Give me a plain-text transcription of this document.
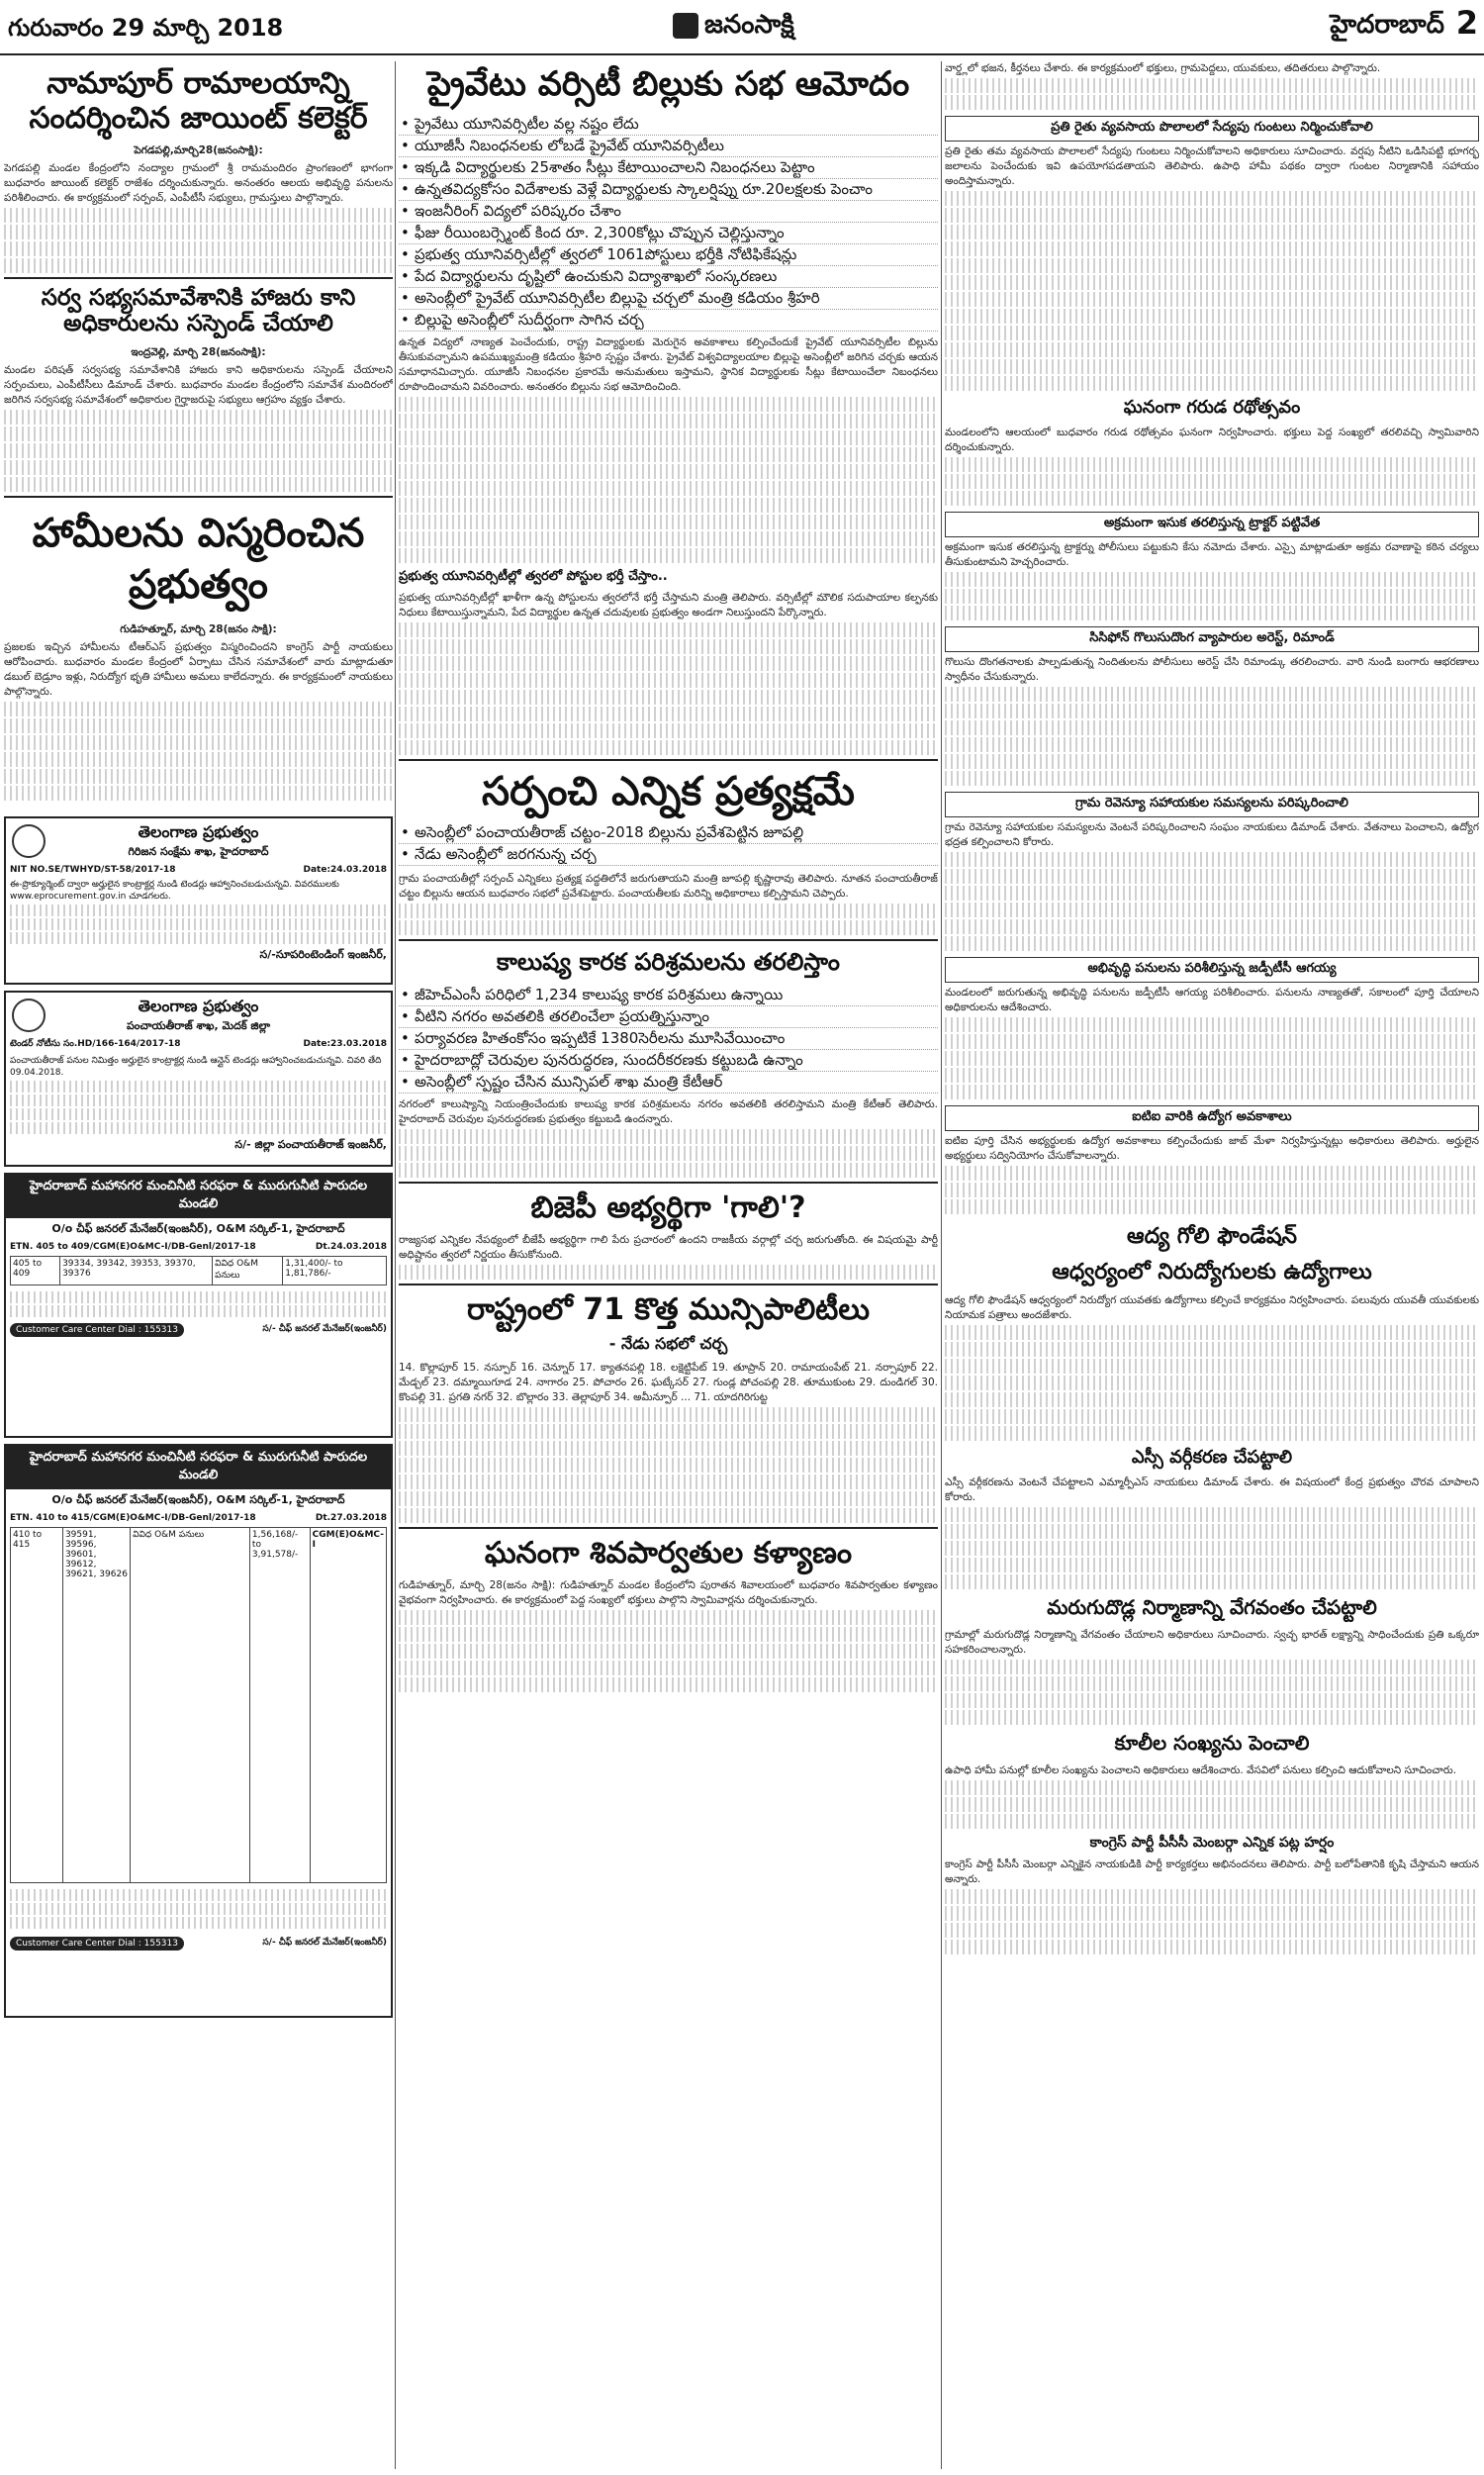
గురువారం 29 మార్చి 2018	జనంసాక్షి	హైదరాబాద్ 2
నామాపూర్ రామాలయాన్ని సందర్శించిన జాయింట్ కలెక్టర్
పెగడపల్లి,మార్చి28(జనంసాక్షి):
పెగడపల్లి మండల కేంద్రంలోని నంద్యాల గ్రామంలో శ్రీ రామమందిరం ప్రాంగణంలో భాగంగా బుధవారం జాయింట్ కలెక్టర్ రాజేశం దర్శించుకున్నారు. అనంతరం ఆలయ అభివృద్ధి పనులను పరిశీలించారు. ఈ కార్యక్రమంలో సర్పంచ్, ఎంపీటీసీ సభ్యులు, గ్రామస్తులు పాల్గొన్నారు.
సర్వ సభ్యసమావేశానికి హాజరు కాని అధికారులను సస్పెండ్ చేయాలి
ఇంద్రవెల్లి, మార్చి 28(జనంసాక్షి):
మండల పరిషత్ సర్వసభ్య సమావేశానికి హాజరు కాని అధికారులను సస్పెండ్ చేయాలని సర్పంచులు, ఎంపీటీసీలు డిమాండ్ చేశారు. బుధవారం మండల కేంద్రంలోని సమావేశ మందిరంలో జరిగిన సర్వసభ్య సమావేశంలో అధికారుల గైర్హాజరుపై సభ్యులు ఆగ్రహం వ్యక్తం చేశారు.
హామీలను విస్మరించిన ప్రభుత్వం
గుడిహత్నూర్, మార్చి 28(జనం సాక్షి):
ప్రజలకు ఇచ్చిన హామీలను టీఆర్ఎస్ ప్రభుత్వం విస్మరించిందని కాంగ్రెస్ పార్టీ నాయకులు ఆరోపించారు. బుధవారం మండల కేంద్రంలో ఏర్పాటు చేసిన సమావేశంలో వారు మాట్లాడుతూ డబుల్ బెడ్రూం ఇళ్లు, నిరుద్యోగ భృతి హామీలు అమలు కాలేదన్నారు. ఈ కార్యక్రమంలో నాయకులు పాల్గొన్నారు.
తెలంగాణ ప్రభుత్వం
గిరిజన సంక్షేమ శాఖ, హైదరాబాద్
NIT NO.SE/TWHYD/ST-58/2017-18	Date:24.03.2018
ఈ-ప్రొక్యూర్మెంట్ ద్వారా అర్హులైన కాంట్రాక్టర్ల నుండి టెండర్లు ఆహ్వానించబడుచున్నవి. వివరములకు www.eprocurement.gov.in చూడగలరు.
స/-సూపరింటెండింగ్ ఇంజనీర్,
తెలంగాణ ప్రభుత్వం
పంచాయతీరాజ్ శాఖ, మెదక్ జిల్లా
టెండర్ నోటీసు సం.HD/166-164/2017-18	Date:23.03.2018
పంచాయతీరాజ్ పనుల నిమిత్తం అర్హులైన కాంట్రాక్టర్ల నుండి ఆన్లైన్ టెండర్లు ఆహ్వానించబడుచున్నవి. చివరి తేది 09.04.2018.
స/- జిల్లా పంచాయతీరాజ్ ఇంజనీర్,
హైదరాబాద్ మహానగర మంచినీటి సరఫరా & మురుగునీటి పారుదల మండలి
O/o చీఫ్ జనరల్ మేనేజర్(ఇంజనీర్), O&M సర్కిల్-1, హైదరాబాద్
ETN. 405 to 409/CGM(E)O&MC-I/DB-Genl/2017-18	Dt.24.03.2018
405 to 409	39334, 39342, 39353, 39370, 39376	వివిధ O&M పనులు	1,31,400/- to 1,81,786/-
Customer Care Center Dial : 155313	స/- చీఫ్ జనరల్ మేనేజర్(ఇంజనీర్)
హైదరాబాద్ మహానగర మంచినీటి సరఫరా & మురుగునీటి పారుదల మండలి
O/o చీఫ్ జనరల్ మేనేజర్(ఇంజనీర్), O&M సర్కిల్-1, హైదరాబాద్
ETN. 410 to 415/CGM(E)O&MC-I/DB-Genl/2017-18	Dt.27.03.2018
410 to 415	39591, 39596, 39601, 39612, 39621, 39626	వివిధ O&M పనులు	1,56,168/- to 3,91,578/-	CGM(E)O&MC-I
Customer Care Center Dial : 155313	స/- చీఫ్ జనరల్ మేనేజర్(ఇంజనీర్)
ప్రైవేటు వర్సిటీ బిల్లుకు సభ ఆమోదం
• ప్రైవేటు యూనివర్సిటీల వల్ల నష్టం లేదు
• యూజీసీ నిబంధనలకు లోబడే ప్రైవేట్ యూనివర్సిటీలు
• ఇక్కడి విద్యార్థులకు 25శాతం సీట్లు కేటాయించాలని నిబంధనలు పెట్టాం
• ఉన్నతవిద్యకోసం విదేశాలకు వెళ్లే విద్యార్థులకు స్కాలర్షిప్ను రూ.20లక్షలకు పెంచాం
• ఇంజనీరింగ్ విద్యలో పరిష్కరం చేశాం
• ఫీజు రీయింబర్స్మెంట్ కింద రూ. 2,300కోట్లు చొప్పున చెల్లిస్తున్నాం
• ప్రభుత్వ యూనివర్సిటీల్లో త్వరలో 1061పోస్టులు భర్తీకి నోటిఫికేషన్లు
• పేద విద్యార్థులను దృష్టిలో ఉంచుకుని విద్యాశాఖలో సంస్కరణలు
• అసెంబ్లీలో ప్రైవేట్ యూనివర్సిటీల బిల్లుపై చర్చలో మంత్రి కడియం శ్రీహరి
• బిల్లుపై అసెంబ్లీలో సుదీర్ఘంగా సాగిన చర్చ
ఉన్నత విద్యలో నాణ్యత పెంచేందుకు, రాష్ట్ర విద్యార్థులకు మెరుగైన అవకాశాలు కల్పించేందుకే ప్రైవేట్ యూనివర్సిటీల బిల్లును తీసుకువచ్చామని ఉపముఖ్యమంత్రి కడియం శ్రీహరి స్పష్టం చేశారు. ప్రైవేట్ విశ్వవిద్యాలయాల బిల్లుపై అసెంబ్లీలో జరిగిన చర్చకు ఆయన సమాధానమిచ్చారు. యూజీసీ నిబంధనల ప్రకారమే అనుమతులు ఇస్తామని, స్థానిక విద్యార్థులకు సీట్లు కేటాయించేలా నిబంధనలు రూపొందించామని వివరించారు. అనంతరం బిల్లును సభ ఆమోదించింది.
ప్రభుత్వ యూనివర్సిటీల్లో త్వరలో పోస్టుల భర్తీ చేస్తాం..
ప్రభుత్వ యూనివర్సిటీల్లో ఖాళీగా ఉన్న పోస్టులను త్వరలోనే భర్తీ చేస్తామని మంత్రి తెలిపారు. వర్సిటీల్లో మౌలిక సదుపాయాల కల్పనకు నిధులు కేటాయిస్తున్నామని, పేద విద్యార్థుల ఉన్నత చదువులకు ప్రభుత్వం అండగా నిలుస్తుందని పేర్కొన్నారు.
సర్పంచి ఎన్నిక ప్రత్యక్షమే
• అసెంబ్లీలో పంచాయతీరాజ్ చట్టం-2018 బిల్లును ప్రవేశపెట్టిన జూపల్లి
• నేడు అసెంబ్లీలో జరగనున్న చర్చ
గ్రామ పంచాయతీల్లో సర్పంచ్ ఎన్నికలు ప్రత్యక్ష పద్ధతిలోనే జరుగుతాయని మంత్రి జూపల్లి కృష్ణారావు తెలిపారు. నూతన పంచాయతీరాజ్ చట్టం బిల్లును ఆయన బుధవారం సభలో ప్రవేశపెట్టారు. పంచాయతీలకు మరిన్ని అధికారాలు కల్పిస్తామని చెప్పారు.
కాలుష్య కారక పరిశ్రమలను తరలిస్తాం
• జీహెచ్ఎంసీ పరిధిలో 1,234 కాలుష్య కారక పరిశ్రమలు ఉన్నాయి
• వీటిని నగరం అవతలికి తరలించేలా ప్రయత్నిస్తున్నాం
• పర్యావరణ హితంకోసం ఇప్పటికే 1380సెరీలను మూసివేయించాం
• హైదరాబాద్లో చెరువుల పునరుద్ధరణ, సుందరీకరణకు కట్టుబడి ఉన్నాం
• అసెంబ్లీలో స్పష్టం చేసిన మున్సిపల్ శాఖ మంత్రి కేటీఆర్
నగరంలో కాలుష్యాన్ని నియంత్రించేందుకు కాలుష్య కారక పరిశ్రమలను నగరం అవతలికి తరలిస్తామని మంత్రి కేటీఆర్ తెలిపారు. హైదరాబాద్ చెరువుల పునరుద్ధరణకు ప్రభుత్వం కట్టుబడి ఉందన్నారు.
బిజెపీ అభ్యర్థిగా 'గాలి'?
రాజ్యసభ ఎన్నికల నేపథ్యంలో బీజేపీ అభ్యర్థిగా గాలి పేరు ప్రచారంలో ఉందని రాజకీయ వర్గాల్లో చర్చ జరుగుతోంది. ఈ విషయమై పార్టీ అధిష్టానం త్వరలో నిర్ణయం తీసుకోనుంది.
రాష్ట్రంలో 71 కొత్త మున్సిపాలిటీలు
- నేడు సభలో చర్చ
14. కొల్లాపూర్ 15. నస్పూర్ 16. చెన్నూర్ 17. క్యాతనపల్లి 18. లక్షెట్టిపేట్ 19. తూప్రాన్ 20. రామాయంపేట్ 21. నర్సాపూర్ 22. మేడ్చల్ 23. దమ్మాయిగూడ 24. నాగారం 25. పోచారం 26. ఘట్కేసర్ 27. గుండ్ల పోచంపల్లి 28. తూముకుంట 29. దుండిగల్ 30. కొంపల్లి 31. ప్రగతి నగర్ 32. బొల్లారం 33. తెల్లాపూర్ 34. అమీన్పూర్ ... 71. యాదగిరిగుట్ట
ఘనంగా శివపార్వతుల కళ్యాణం
గుడిహత్నూర్, మార్చి 28(జనం సాక్షి): గుడిహత్నూర్ మండల కేంద్రంలోని పురాతన శివాలయంలో బుధవారం శివపార్వతుల కళ్యాణం వైభవంగా నిర్వహించారు. ఈ కార్యక్రమంలో పెద్ద సంఖ్యలో భక్తులు పాల్గొని స్వామివార్లను దర్శించుకున్నారు.
వార్డ్లలో భజన, కీర్తనలు చేశారు. ఈ కార్యక్రమంలో భక్తులు, గ్రామపెద్దలు, యువకులు, తదితరులు పాల్గొన్నారు.
ప్రతి రైతు వ్యవసాయ పొలాలలో సేద్యపు గుంటలు నిర్మించుకోవాలి
ప్రతి రైతు తమ వ్యవసాయ పొలాలలో సేద్యపు గుంటలు నిర్మించుకోవాలని అధికారులు సూచించారు. వర్షపు నీటిని ఒడిసిపట్టి భూగర్భ జలాలను పెంచేందుకు ఇవి ఉపయోగపడతాయని తెలిపారు. ఉపాధి హామీ పథకం ద్వారా గుంటల నిర్మాణానికి సహాయం అందిస్తామన్నారు.
ఘనంగా గరుడ రథోత్సవం
మండలంలోని ఆలయంలో బుధవారం గరుడ రథోత్సవం ఘనంగా నిర్వహించారు. భక్తులు పెద్ద సంఖ్యలో తరలివచ్చి స్వామివారిని దర్శించుకున్నారు.
అక్రమంగా ఇసుక తరలిస్తున్న ట్రాక్టర్ పట్టివేత
అక్రమంగా ఇసుక తరలిస్తున్న ట్రాక్టర్ను పోలీసులు పట్టుకుని కేసు నమోదు చేశారు. ఎస్సై మాట్లాడుతూ అక్రమ రవాణాపై కఠిన చర్యలు తీసుకుంటామని హెచ్చరించారు.
సిసిఫోన్ గొలుసుదొంగ వ్యాపారుల అరెస్ట్, రిమాండ్
గొలుసు దొంగతనాలకు పాల్పడుతున్న నిందితులను పోలీసులు అరెస్ట్ చేసి రిమాండ్కు తరలించారు. వారి నుండి బంగారు ఆభరణాలు స్వాధీనం చేసుకున్నారు.
గ్రామ రెవెన్యూ సహాయకుల సమస్యలను పరిష్కరించాలి
గ్రామ రెవెన్యూ సహాయకుల సమస్యలను వెంటనే పరిష్కరించాలని సంఘం నాయకులు డిమాండ్ చేశారు. వేతనాలు పెంచాలని, ఉద్యోగ భద్రత కల్పించాలని కోరారు.
అభివృద్ధి పనులను పరిశీలిస్తున్న జడ్పీటీసీ ఆగయ్య
మండలంలో జరుగుతున్న అభివృద్ధి పనులను జడ్పీటీసీ ఆగయ్య పరిశీలించారు. పనులను నాణ్యతతో, సకాలంలో పూర్తి చేయాలని అధికారులను ఆదేశించారు.
ఐటిఐ వారికి ఉద్యోగ అవకాశాలు
ఐటిఐ పూర్తి చేసిన అభ్యర్థులకు ఉద్యోగ అవకాశాలు కల్పించేందుకు జాబ్ మేళా నిర్వహిస్తున్నట్లు అధికారులు తెలిపారు. అర్హులైన అభ్యర్థులు సద్వినియోగం చేసుకోవాలన్నారు.
ఆద్య గోలి ఫౌండేషన్
ఆధ్వర్యంలో నిరుద్యోగులకు ఉద్యోగాలు
ఆద్య గోలి ఫౌండేషన్ ఆధ్వర్యంలో నిరుద్యోగ యువతకు ఉద్యోగాలు కల్పించే కార్యక్రమం నిర్వహించారు. పలువురు యువతీ యువకులకు నియామక పత్రాలు అందజేశారు.
ఎస్సీ వర్గీకరణ చేపట్టాలి
ఎస్సీ వర్గీకరణను వెంటనే చేపట్టాలని ఎమ్మార్పీఎస్ నాయకులు డిమాండ్ చేశారు. ఈ విషయంలో కేంద్ర ప్రభుత్వం చొరవ చూపాలని కోరారు.
మరుగుదొడ్ల నిర్మాణాన్ని వేగవంతం చేపట్టాలి
గ్రామాల్లో మరుగుదొడ్ల నిర్మాణాన్ని వేగవంతం చేయాలని అధికారులు సూచించారు. స్వచ్ఛ భారత్ లక్ష్యాన్ని సాధించేందుకు ప్రతి ఒక్కరూ సహకరించాలన్నారు.
కూలీల సంఖ్యను పెంచాలి
ఉపాధి హామీ పనుల్లో కూలీల సంఖ్యను పెంచాలని అధికారులు ఆదేశించారు. వేసవిలో పనులు కల్పించి ఆదుకోవాలని సూచించారు.
కాంగ్రెస్ పార్టీ పీసీసీ మెంబర్గా ఎన్నిక పట్ల హర్షం
కాంగ్రెస్ పార్టీ పీసీసీ మెంబర్గా ఎన్నికైన నాయకుడికి పార్టీ కార్యకర్తలు అభినందనలు తెలిపారు. పార్టీ బలోపేతానికి కృషి చేస్తామని ఆయన అన్నారు.
